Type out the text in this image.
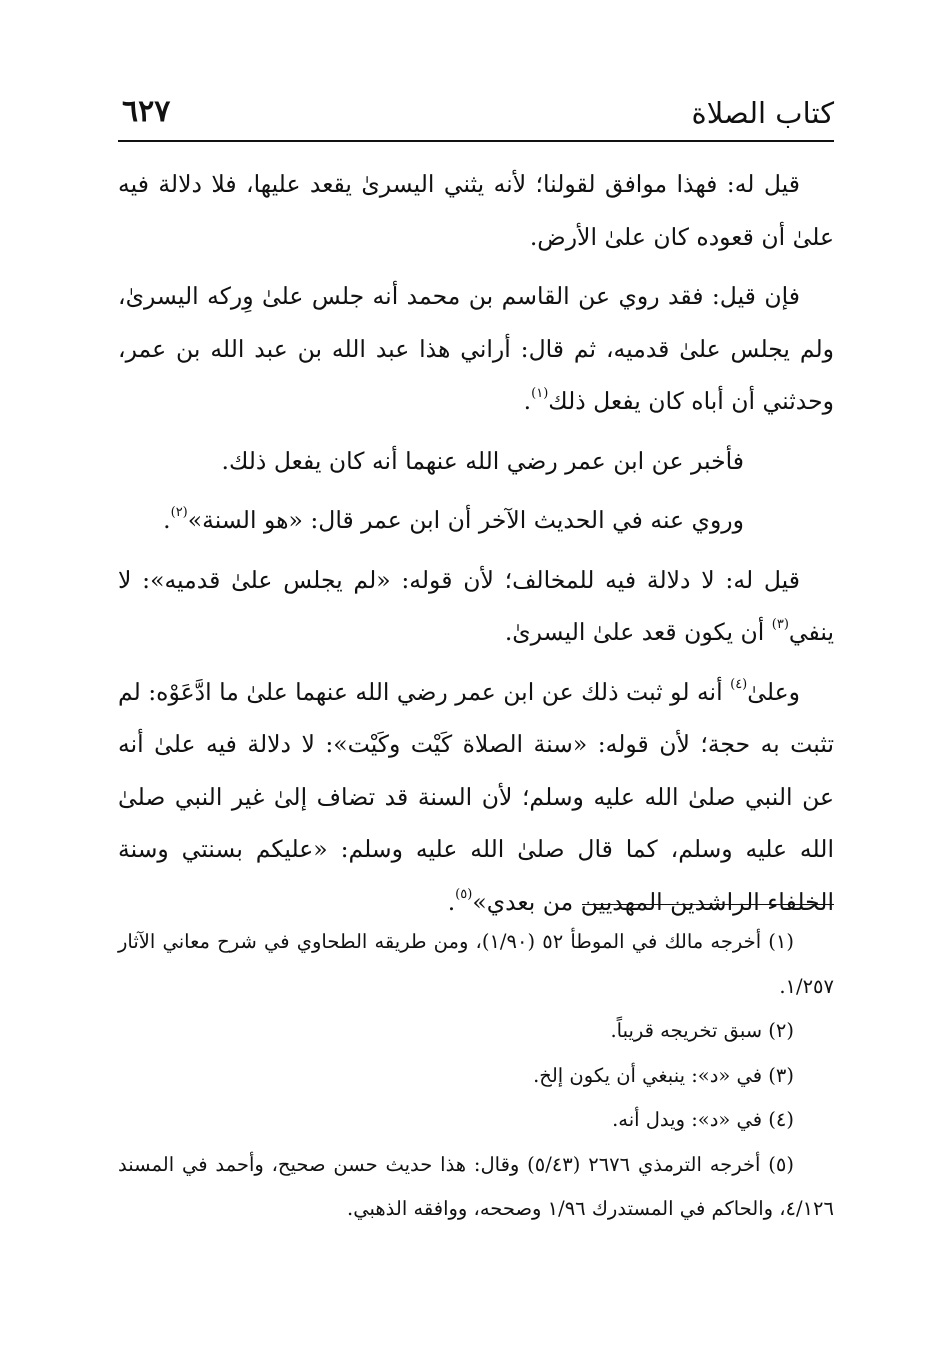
كتاب الصلاة
٦٢٧

قيل له: فهذا موافق لقولنا؛ لأنه يثني اليسرىٰ يقعد عليها، فلا دلالة فيه علىٰ أن قعوده كان علىٰ الأرض.

فإن قيل: فقد روي عن القاسم بن محمد أنه جلس علىٰ وِركه اليسرىٰ، ولم يجلس علىٰ قدميه، ثم قال: أراني هذا عبد الله بن عبد الله بن عمر، وحدثني أن أباه كان يفعل ذلك$^{(١)}$.

فأخبر عن ابن عمر رضي الله عنهما أنه كان يفعل ذلك.

وروي عنه في الحديث الآخر أن ابن عمر قال: «هو السنة»$^{(٢)}$.

قيل له: لا دلالة فيه للمخالف؛ لأن قوله: «لم يجلس علىٰ قدميه»: لا ينفي$^{(٣)}$ أن يكون قعد علىٰ اليسرىٰ.

وعلىٰ$^{(٤)}$ أنه لو ثبت ذلك عن ابن عمر رضي الله عنهما علىٰ ما ادَّعَوْه: لم تثبت به حجة؛ لأن قوله: «سنة الصلاة كَيْت وكَيْت»: لا دلالة فيه علىٰ أنه عن النبي صلىٰ الله عليه وسلم؛ لأن السنة قد تضاف إلىٰ غير النبي صلىٰ الله عليه وسلم، كما قال صلىٰ الله عليه وسلم: «عليكم بسنتي وسنة الخلفاء الراشدين المهديين من بعدي»$^{(٥)}$.

(١) أخرجه مالك في الموطأ ٥٢ (١/٩٠)، ومن طريقه الطحاوي في شرح معاني الآثار ١/٢٥٧.

(٢) سبق تخريجه قريباً.

(٣) في «د»: ينبغي أن يكون إلخ.

(٤) في «د»: ويدل أنه.

(٥) أخرجه الترمذي ٢٦٧٦ (٥/٤٣) وقال: هذا حديث حسن صحيح، وأحمد في المسند ٤/١٢٦، والحاكم في المستدرك ١/٩٦ وصححه، ووافقه الذهبي.
